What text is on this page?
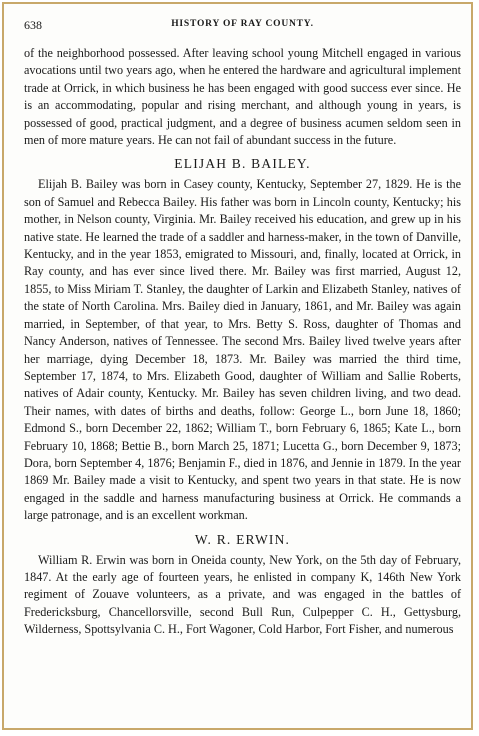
638	HISTORY OF RAY COUNTY.

of the neighborhood possessed. After leaving school young Mitchell engaged in various avocations until two years ago, when he entered the hardware and agricultural implement trade at Orrick, in which business he has been engaged with good success ever since. He is an accommodating, popular and rising merchant, and although young in years, is possessed of good, practical judgment, and a degree of business acumen seldom seen in men of more mature years. He can not fail of abundant success in the future.

ELIJAH B. BAILEY.

Elijah B. Bailey was born in Casey county, Kentucky, September 27, 1829. He is the son of Samuel and Rebecca Bailey. His father was born in Lincoln county, Kentucky; his mother, in Nelson county, Virginia. Mr. Bailey received his education, and grew up in his native state. He learned the trade of a saddler and harness-maker, in the town of Danville, Kentucky, and in the year 1853, emigrated to Missouri, and, finally, located at Orrick, in Ray county, and has ever since lived there. Mr. Bailey was first married, August 12, 1855, to Miss Miriam T. Stanley, the daughter of Larkin and Elizabeth Stanley, natives of the state of North Carolina. Mrs. Bailey died in January, 1861, and Mr. Bailey was again married, in September, of that year, to Mrs. Betty S. Ross, daughter of Thomas and Nancy Anderson, natives of Tennessee. The second Mrs. Bailey lived twelve years after her marriage, dying December 18, 1873. Mr. Bailey was married the third time, September 17, 1874, to Mrs. Elizabeth Good, daughter of William and Sallie Roberts, natives of Adair county, Kentucky. Mr. Bailey has seven children living, and two dead. Their names, with dates of births and deaths, follow: George L., born June 18, 1860; Edmond S., born December 22, 1862; William T., born February 6, 1865; Kate L., born February 10, 1868; Bettie B., born March 25, 1871; Lucetta G., born December 9, 1873; Dora, born September 4, 1876; Benjamin F., died in 1876, and Jennie in 1879. In the year 1869 Mr. Bailey made a visit to Kentucky, and spent two years in that state. He is now engaged in the saddle and harness manufacturing business at Orrick. He commands a large patronage, and is an excellent workman.

W. R. ERWIN.

William R. Erwin was born in Oneida county, New York, on the 5th day of February, 1847. At the early age of fourteen years, he enlisted in company K, 146th New York regiment of Zouave volunteers, as a private, and was engaged in the battles of Fredericksburg, Chancellorsville, second Bull Run, Culpepper C. H., Gettysburg, Wilderness, Spottsylvania C. H., Fort Wagoner, Cold Harbor, Fort Fisher, and numerous
